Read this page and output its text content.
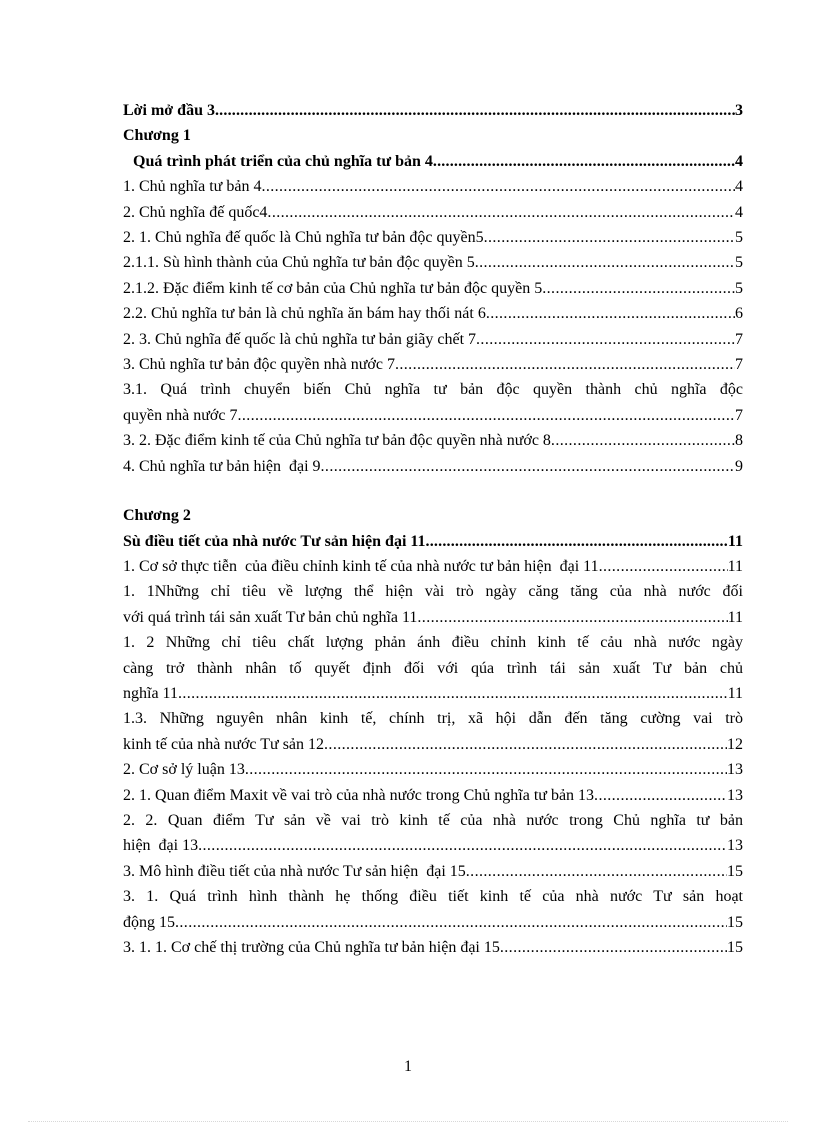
Lời mở đầu 3 .....	3
Chương 1
Quá trình phát triển của chủ nghĩa tư bản 4 .....	4
1. Chủ nghĩa tư bản 4 .....	4
2. Chủ nghĩa đế quốc4 .....	4
2. 1. Chủ nghĩa đế quốc là Chủ nghĩa tư bản độc quyền5 .....	5
2.1.1. Sù hình thành của Chủ nghĩa tư bản độc quyền 5 .....	5
2.1.2. Đặc điểm kinh tế cơ bản của Chủ nghĩa tư bản độc quyền 5 .....	5
2.2. Chủ nghĩa tư bản là chủ nghĩa ăn bám hay thối nát 6 .....	6
2. 3. Chủ nghĩa đế quốc là chủ nghĩa tư bản giãy chết 7 .....	7
3. Chủ nghĩa tư bản độc quyền nhà nước 7 .....	7
3.1. Quá trình chuyển biến Chủ nghĩa tư bản độc quyền thành chủ nghĩa độc
quyền nhà nước 7 .....	7
3. 2. Đặc điểm kinh tế của Chủ nghĩa tư bản độc quyền nhà nước 8 .....	8
4. Chủ nghĩa tư bản hiện  đại 9 .....	9
Chương 2
Sù điều tiết của nhà nước Tư sản hiện đại 11 .....	11
1. Cơ sở thực tiễn  của điều chỉnh kinh tế của nhà nước tư bản hiện  đại 11 .....	11
1. 1Những chỉ tiêu về lượng thể hiện vài trò ngày căng tăng của nhà nước đối
với quá trình tái sản xuất Tư bản chủ nghĩa 11 .....	11
1. 2 Những chỉ tiêu chất lượng phản ánh điều chỉnh kinh tế cảu nhà nước ngày
càng trở thành nhân tố quyết định đối với qúa trình tái sản xuất Tư bản chủ
nghĩa 11 .....	11
1.3. Những nguyên nhân kinh tế, chính trị, xã hội dẫn đến tăng cường vai trò
kinh tế của nhà nước Tư sản 12 .....	12
2. Cơ sở lý luận 13 .....	13
2. 1. Quan điểm Maxit về vai trò của nhà nước trong Chủ nghĩa tư bản 13 .....	13
2. 2. Quan điểm Tư sản về vai trò kinh tế của nhà nước trong Chủ nghĩa tư bản
hiện  đại 13 .....	13
3. Mô hình điều tiết của nhà nước Tư sản hiện  đại 15 .....	15
3. 1. Quá trình hình thành hẹ thống điều tiết kinh tế của nhà nước Tư sản hoạt
động 15 .....	15
3. 1. 1. Cơ chế thị trường của Chủ nghĩa tư bản hiện đại 15 .....	15
1
